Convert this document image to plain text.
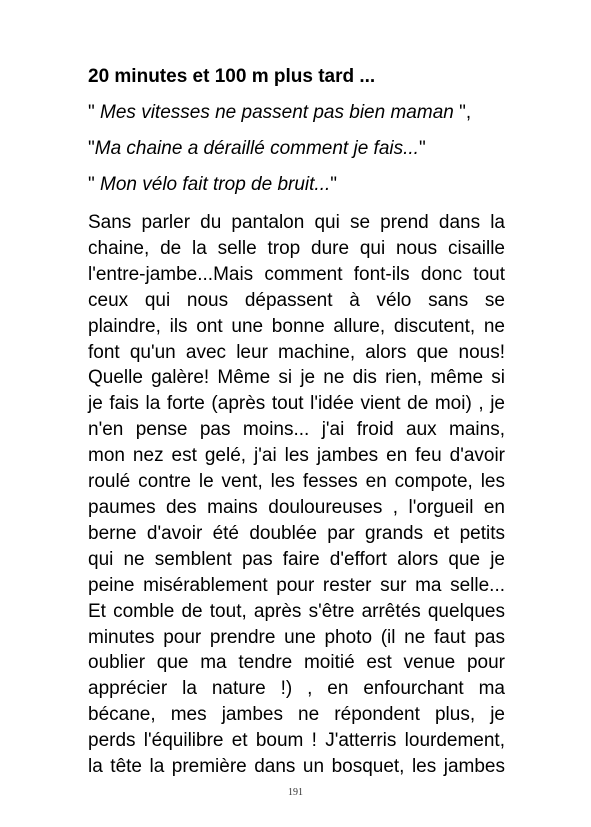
20 minutes et 100 m plus tard ...

" Mes vitesses ne passent pas bien maman ",

"Ma chaine a déraillé comment je fais..."

" Mon vélo fait trop de bruit..."

Sans parler du pantalon qui se prend dans la
chaine, de la selle trop dure qui nous cisaille
l'entre-jambe...Mais comment font-ils donc tout
ceux qui nous dépassent à vélo sans se
plaindre, ils ont une bonne allure, discutent, ne
font qu'un avec leur machine, alors que nous!
Quelle galère! Même si je ne dis rien, même si
je fais la forte (après tout l'idée vient de moi) , je
n'en pense pas moins... j'ai froid aux mains,
mon nez est gelé, j'ai les jambes en feu d'avoir
roulé contre le vent, les fesses en compote, les
paumes des mains douloureuses , l'orgueil en
berne d'avoir été doublée par grands et petits
qui ne semblent pas faire d'effort alors que je
peine misérablement pour rester sur ma selle...
Et comble de tout, après s'être arrêtés quelques
minutes pour prendre une photo (il ne faut pas
oublier que ma tendre moitié est venue pour
apprécier la nature !) , en enfourchant ma
bécane, mes jambes ne répondent plus, je
perds l'équilibre et boum ! J'atterris lourdement,
la tête la première dans un bosquet, les jambes
191
